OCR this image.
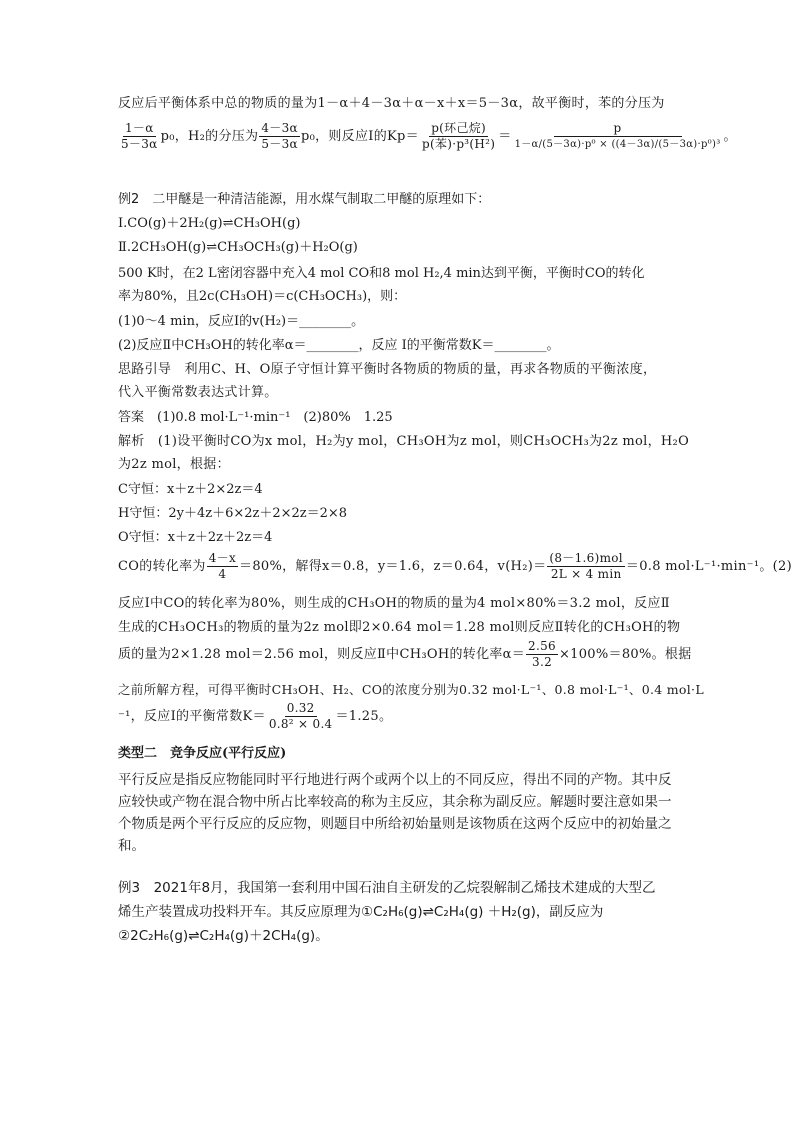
反应后平衡体系中总的物质的量为1－α＋4－3α＋α－x＋x＝5－3α，故平衡时，苯的分压为

$\frac{1-\alpha}{5-3\alpha} p_0$，H₂的分压为 $\frac{4-3\alpha}{5-3\alpha} p_0$，则反应Ⅰ的$Kp= \frac{\text{p(环己烷)}}{\text{p(苯)·p³(H²)}} = \frac{p}{\text{1－α/(5－3α)·p⁰ × ((4－3α)/(5－3α)·p⁰)³}}$ 。

例2　二甲醚是一种清洁能源，用水煤气制取二甲醚的原理如下：

Ⅰ.CO(g)＋2H₂(g)⇌CH₃OH(g)

Ⅱ.2CH₃OH(g)⇌CH₃OCH₃(g)＋H₂O(g)

500 K时，在2 L密闭容器中充入4 mol CO和8 mol H₂,4 min达到平衡，平衡时CO的转化

率为80%，且2c(CH₃OH)＝c(CH₃OCH₃)，则：

(1)0～4 min，反应Ⅰ的v(H₂)＝________。

(2)反应Ⅱ中CH₃OH的转化率α＝________，反应 Ⅰ的平衡常数K＝________。

思路引导　利用C、H、O原子守恒计算平衡时各物质的物质的量，再求各物质的平衡浓度，

代入平衡常数表达式计算。

答案　(1)0.8 mol·L⁻¹·min⁻¹　(2)80%　1.25

解析　(1)设平衡时CO为x mol，H₂为y mol，CH₃OH为z mol，则CH₃OCH₃为2z mol，H₂O

为2z mol，根据：

C守恒：x＋z＋2×2z＝4

H守恒：2y＋4z＋6×2z＋2×2z＝2×8

O守恒：x＋z＋2z＋2z＝4

CO的转化率为 $\frac{4-x}{4} =80\%$，解得x＝0.8，y＝1.6，z＝0.64，$v(H_2)= \frac{\text{(8－1.6)mol}}{2L \times 4 \min} =0.8$ mol·L⁻¹·min⁻¹。(2)

反应Ⅰ中CO的转化率为80%，则生成的CH₃OH的物质的量为4 mol×80%＝3.2 mol，反应Ⅱ

生成的CH₃OCH₃的物质的量为2z mol即2×0.64 mol＝1.28 mol则反应Ⅱ转化的CH₃OH的物

质的量为2×1.28 mol＝2.56 mol，则反应Ⅱ中CH₃OH的转化率$\alpha= \frac{2.56}{3.2} \times 100\%=80\%$。根据

之前所解方程，可得平衡时CH₃OH、H₂、CO的浓度分别为0.32 mol·L⁻¹、0.8 mol·L⁻¹、0.4 mol·L

⁻¹，反应Ⅰ的平衡常数$K= \frac{0.32}{\text{0.8² × 0.4}} =1.25$。

类型二　竞争反应(平行反应)

平行反应是指反应物能同时平行地进行两个或两个以上的不同反应，得出不同的产物。其中反应较快或产物在混合物中所占比率较高的称为主反应，其余称为副反应。解题时要注意如果一个物质是两个平行反应的反应物，则题目中所给初始量则是该物质在这两个反应中的初始量之和。

例3　2021年8月，我国第一套利用中国石油自主研发的乙烷裂解制乙烯技术建成的大型乙

烯生产装置成功投料开车。其反应原理为①C₂H₆(g)⇌C₂H₄(g) ＋H₂(g)，副反应为

②2C₂H₆(g)⇌C₂H₄(g)＋2CH₄(g)。
